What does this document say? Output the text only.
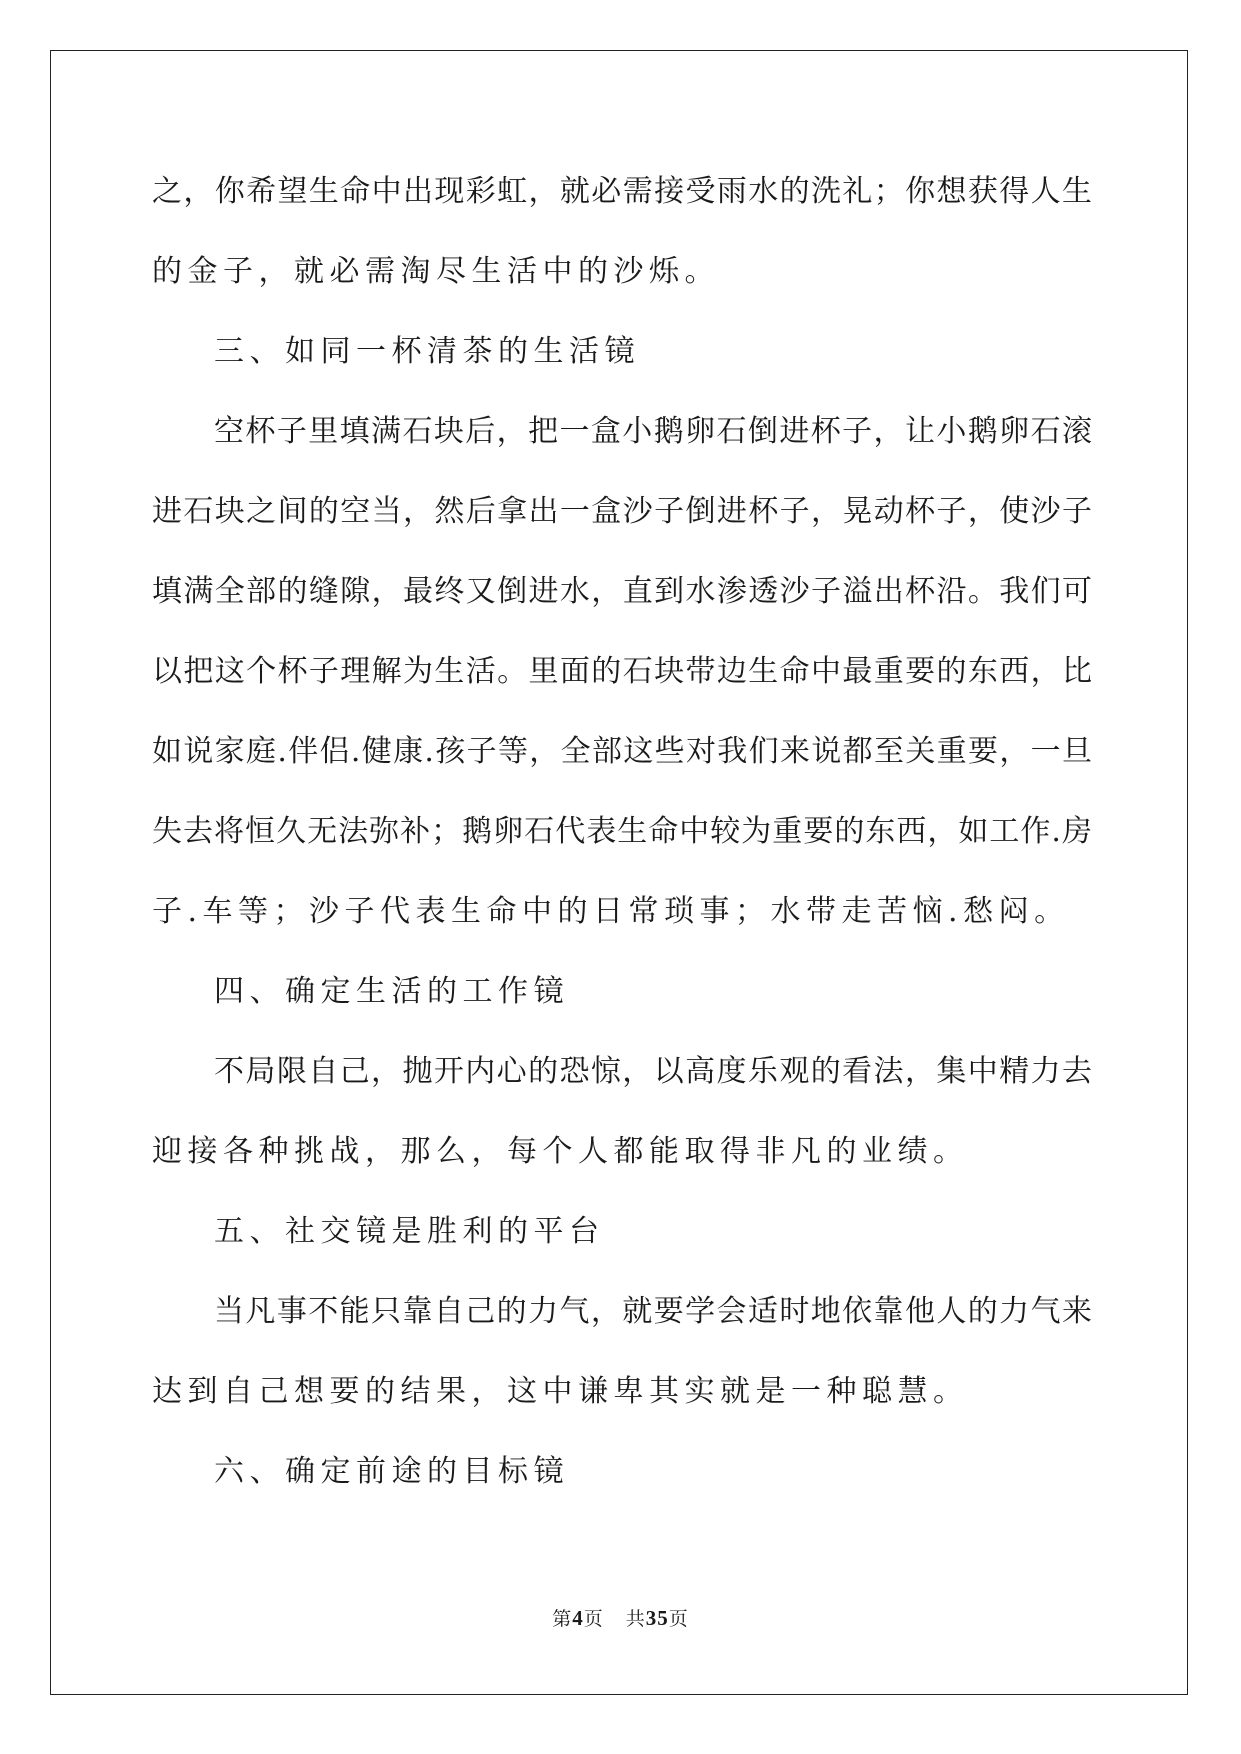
之，你希望生命中出现彩虹，就必需接受雨水的洗礼；你想获得人生
的金子，就必需淘尽生活中的沙烁。
三、如同一杯清茶的生活镜
空杯子里填满石块后，把一盒小鹅卵石倒进杯子，让小鹅卵石滚
进石块之间的空当，然后拿出一盒沙子倒进杯子，晃动杯子，使沙子
填满全部的缝隙，最终又倒进水，直到水渗透沙子溢出杯沿。我们可
以把这个杯子理解为生活。里面的石块带边生命中最重要的东西，比
如说家庭.伴侣.健康.孩子等，全部这些对我们来说都至关重要，一旦
失去将恒久无法弥补；鹅卵石代表生命中较为重要的东西，如工作.房
子.车等；沙子代表生命中的日常琐事；水带走苦恼.愁闷。
四、确定生活的工作镜
不局限自己，抛开内心的恐惊，以高度乐观的看法，集中精力去
迎接各种挑战，那么，每个人都能取得非凡的业绩。
五、社交镜是胜利的平台
当凡事不能只靠自己的力气，就要学会适时地依靠他人的力气来
达到自己想要的结果，这中谦卑其实就是一种聪慧。
六、确定前途的目标镜
第4页 共35页
